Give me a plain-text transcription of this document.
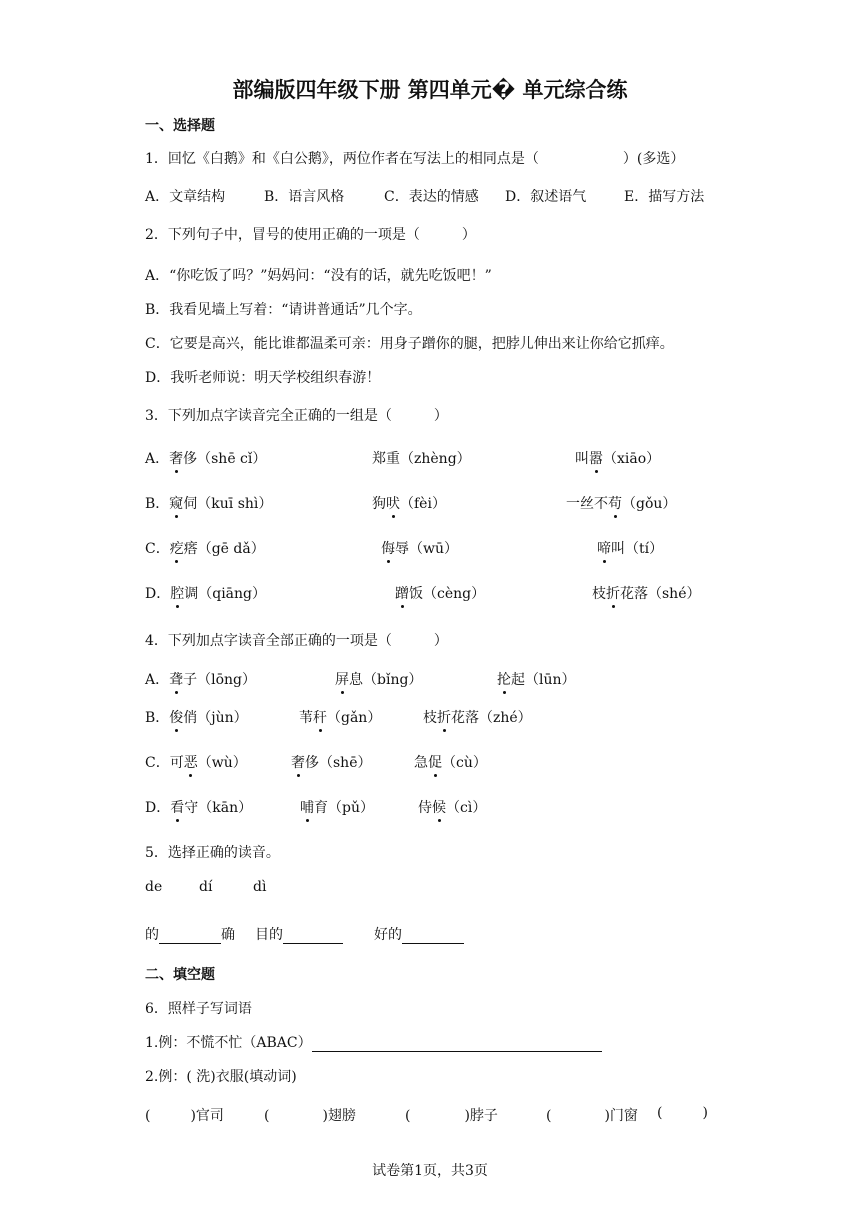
部编版四年级下册 第四单元� 单元综合练
一、选择题
1．回忆《白鹅》和《白公鹅》，两位作者在写法上的相同点是（　　　　　　）(多选）
A．文章结构	B．语言风格	C．表达的情感 D．叙述语气	E．描写方法
2．下列句子中，冒号的使用正确的一项是（　　　）
A．“你吃饭了吗？”妈妈问：“没有的话，就先吃饭吧！”
B．我看见墙上写着：“请讲普通话”几个字。
C．它要是高兴，能比谁都温柔可亲：用身子蹭你的腿，把脖儿伸出来让你给它抓痒。
D．我听老师说：明天学校组织春游！
3．下列加点字读音完全正确的一组是（　　　）
A．奢侈（shē cǐ）	郑重（zhèng）	叫嚣（xiāo）
B．窥伺（kuī shì）	狗吠（fèi）	一丝不苟（gǒu）
C．疙瘩（gē dǎ）	侮辱（wū）	啼叫（tí）
D．腔调（qiāng）	蹭饭（cèng）	枝折花落（shé）
4．下列加点字读音全部正确的一项是（　　　）
A．聋子（lōng）	屏息（bǐng）	抡起（lūn）
B．俊俏（jùn）	苇秆（gǎn）	枝折花落（zhé）
C．可恶（wù）	奢侈（shē）	急促（cù）
D．看守（kān）	哺育（pǔ）	侍候（cì）
5．选择正确的读音。
de	dí	dì
的	确 目的	好的
二、填空题
6．照样子写词语
1.例：不慌不忙（ABAC）
2.例：( 洗)衣服(填动词)
(	)官司	(	)翅膀	(	)脖子	(	)门窗 (	)
试卷第1页，共3页
